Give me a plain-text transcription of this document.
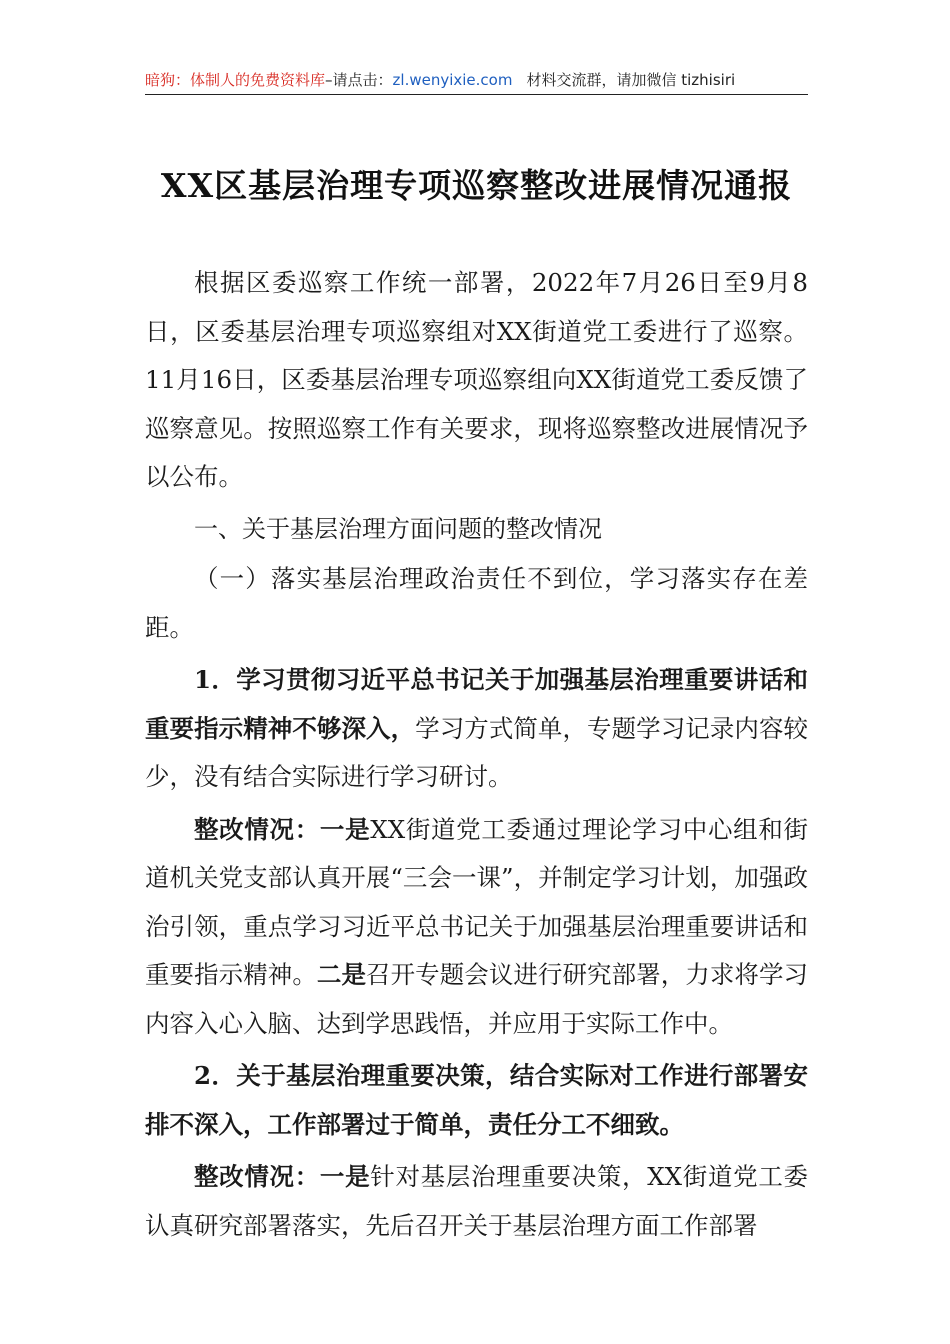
暗狗：体制人的免费资料库–请点击：zl.wenyixie.com 材料交流群，请加微信 tizhisiri
XX区基层治理专项巡察整改进展情况通报

根据区委巡察工作统一部署，2022年7月26日至9月8日，区委基层治理专项巡察组对XX街道党工委进行了巡察。11月16日，区委基层治理专项巡察组向XX街道党工委反馈了巡察意见。按照巡察工作有关要求，现将巡察整改进展情况予以公布。

一、关于基层治理方面问题的整改情况

（一）落实基层治理政治责任不到位，学习落实存在差距。

1．学习贯彻习近平总书记关于加强基层治理重要讲话和重要指示精神不够深入，学习方式简单，专题学习记录内容较少，没有结合实际进行学习研讨。

整改情况：一是XX街道党工委通过理论学习中心组和街道机关党支部认真开展“三会一课”，并制定学习计划，加强政治引领，重点学习习近平总书记关于加强基层治理重要讲话和重要指示精神。二是召开专题会议进行研究部署，力求将学习内容入心入脑、达到学思践悟，并应用于实际工作中。

2．关于基层治理重要决策，结合实际对工作进行部署安排不深入，工作部署过于简单，责任分工不细致。

整改情况：一是针对基层治理重要决策，XX街道党工委认真研究部署落实，先后召开关于基层治理方面工作部署
